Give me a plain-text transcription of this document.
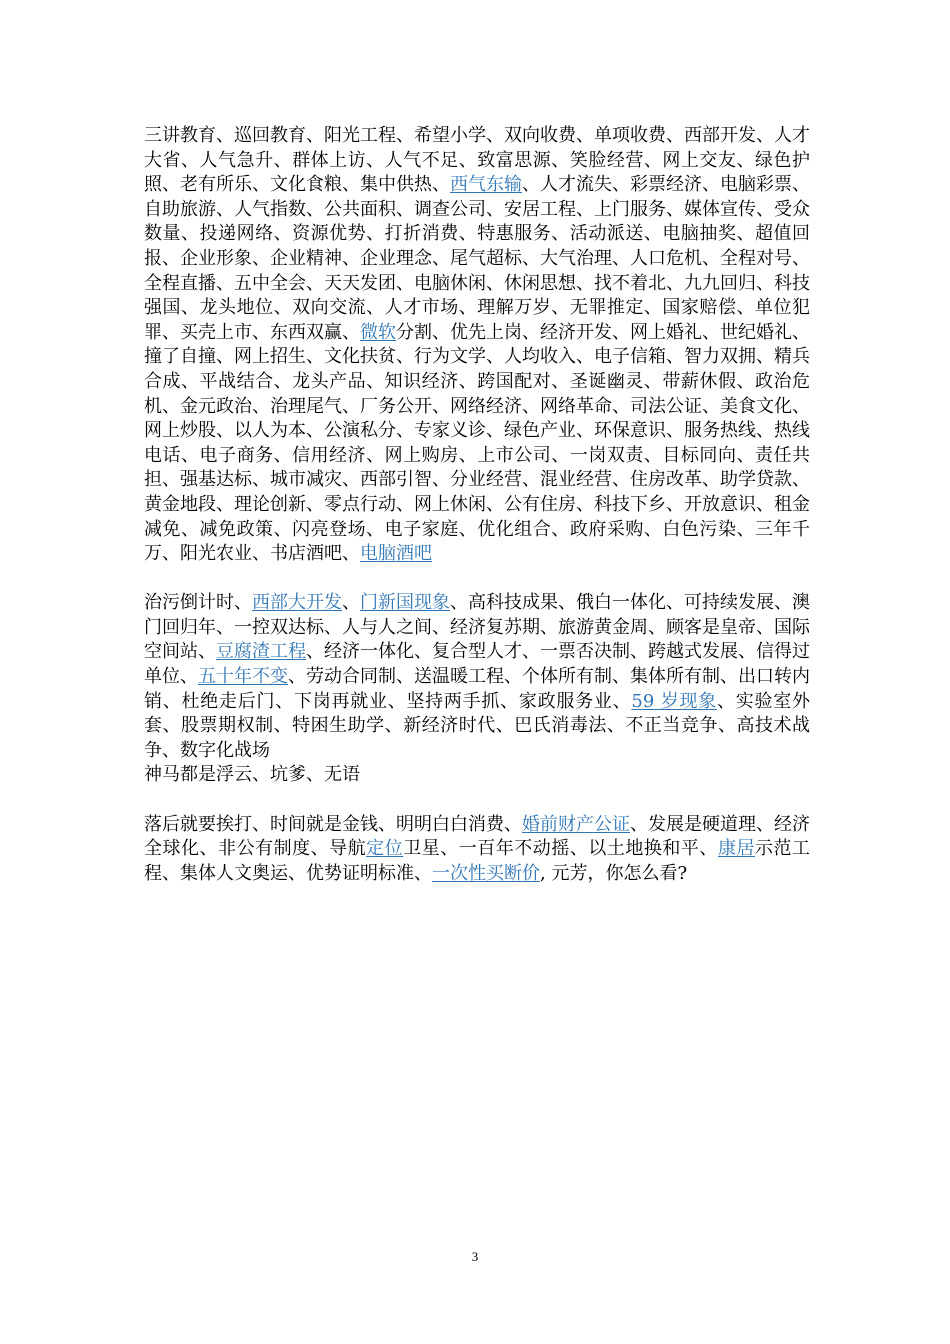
三讲教育、巡回教育、阳光工程、希望小学、双向收费、单项收费、西部开发、人才大省、人气急升、群体上访、人气不足、致富思源、笑脸经营、网上交友、绿色护照、老有所乐、文化食粮、集中供热、西气东输、人才流失、彩票经济、电脑彩票、自助旅游、人气指数、公共面积、调查公司、安居工程、上门服务、媒体宣传、受众数量、投递网络、资源优势、打折消费、特惠服务、活动派送、电脑抽奖、超值回报、企业形象、企业精神、企业理念、尾气超标、大气治理、人口危机、全程对号、全程直播、五中全会、天天发团、电脑休闲、休闲思想、找不着北、九九回归、科技强国、龙头地位、双向交流、人才市场、理解万岁、无罪推定、国家赔偿、单位犯罪、买壳上市、东西双赢、微软分割、优先上岗、经济开发、网上婚礼、世纪婚礼、撞了自撞、网上招生、文化扶贫、行为文学、人均收入、电子信箱、智力双拥、精兵合成、平战结合、龙头产品、知识经济、跨国配对、圣诞幽灵、带薪休假、政治危机、金元政治、治理尾气、厂务公开、网络经济、网络革命、司法公证、美食文化、网上炒股、以人为本、公演私分、专家义诊、绿色产业、环保意识、服务热线、热线电话、电子商务、信用经济、网上购房、上市公司、一岗双责、目标同向、责任共担、强基达标、城市减灾、西部引智、分业经营、混业经营、住房改革、助学贷款、黄金地段、理论创新、零点行动、网上休闲、公有住房、科技下乡、开放意识、租金减免、减免政策、闪亮登场、电子家庭、优化组合、政府采购、白色污染、三年千万、阳光农业、书店酒吧、电脑酒吧

治污倒计时、西部大开发、门新国现象、高科技成果、俄白一体化、可持续发展、澳门回归年、一控双达标、人与人之间、经济复苏期、旅游黄金周、顾客是皇帝、国际空间站、豆腐渣工程、经济一体化、复合型人才、一票否决制、跨越式发展、信得过单位、五十年不变、劳动合同制、送温暖工程、个体所有制、集体所有制、出口转内销、杜绝走后门、下岗再就业、坚持两手抓、家政服务业、59 岁现象、实验室外套、股票期权制、特困生助学、新经济时代、巴氏消毒法、不正当竞争、高技术战争、数字化战场

神马都是浮云、坑爹、无语

落后就要挨打、时间就是金钱、明明白白消费、婚前财产公证、发展是硬道理、经济全球化、非公有制度、导航定位卫星、一百年不动摇、以土地换和平、康居示范工程、集体人文奥运、优势证明标准、一次性买断价, 元芳，你怎么看?

3
